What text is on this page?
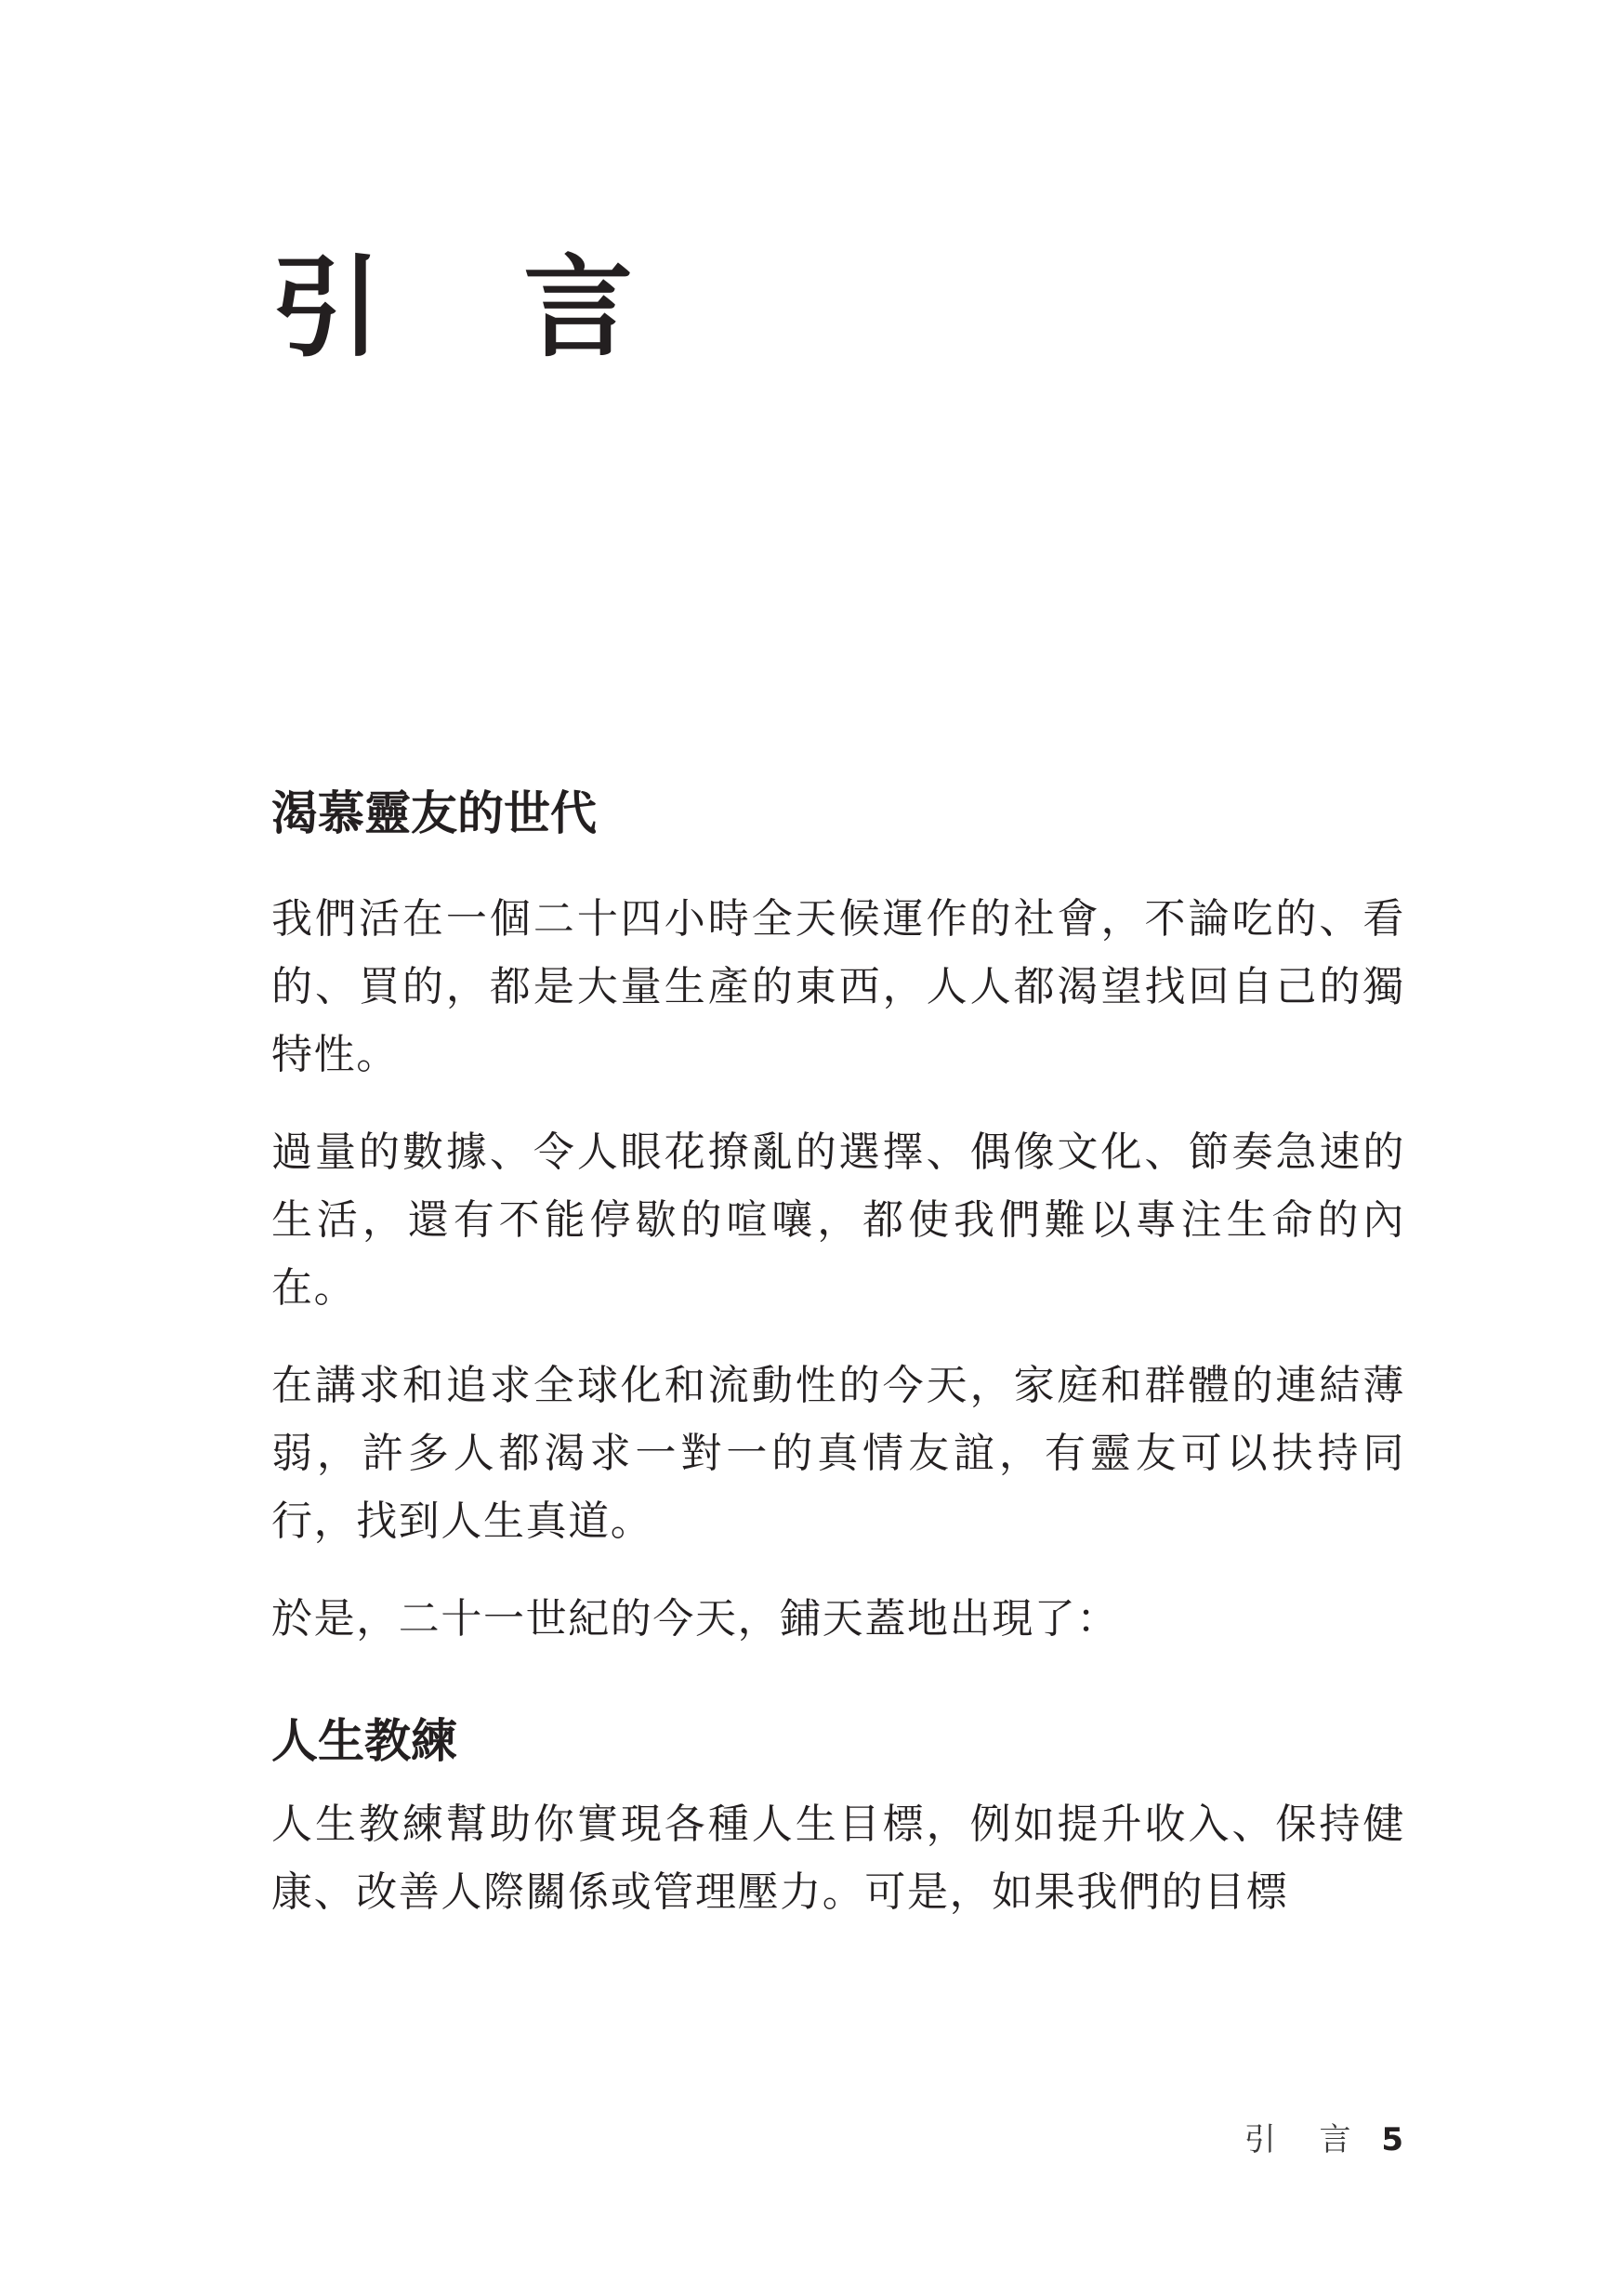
引 言
渴慕靈友的世代

我們活在一個二十四小時全天候運作的社會，不論吃的、看的、買的，都是大量生產的東西，人人都渴望找回自己的獨特性。

過量的數據、令人眼花撩亂的選擇、偶像文化、節奏急速的生活，還有不能停歇的喧嚷，都使我們難以專注生命的內在。

在講求和追求全球化和流動性的今天，家庭和群體的連結薄弱，許多人都渴求一對一的真情友誼，有靈友可以扶持同行，找到人生真道。

於是，二十一世紀的今天，鋪天蓋地出現了：

人生教練

人生教練幫助你實現各種人生目標，例如提升收入、保持健康、改善人際關係或管理壓力。可是，如果我們的目標

引 言 5
